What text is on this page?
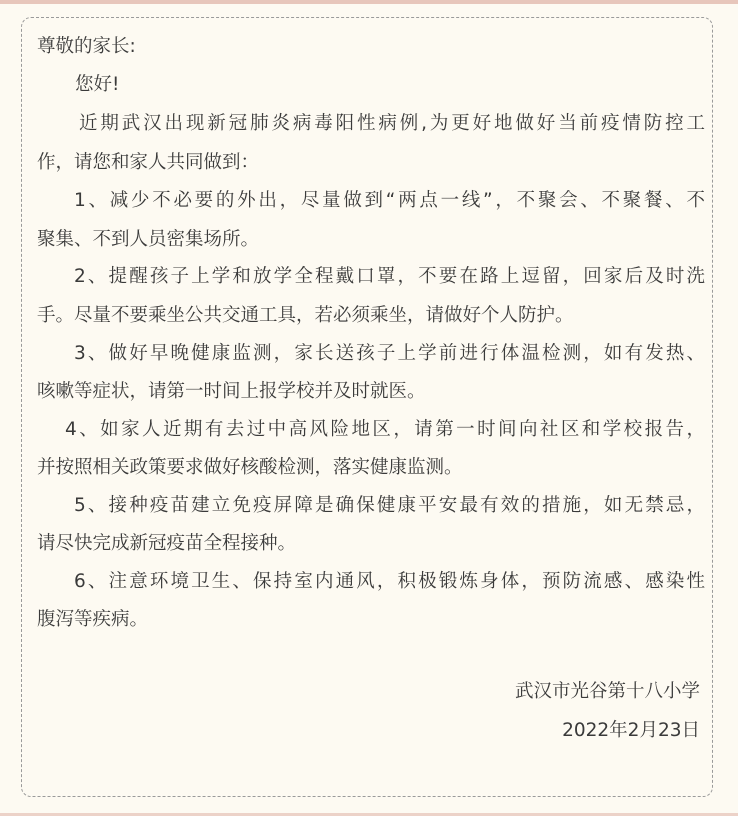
尊敬的家长:
您好!
近期武汉出现新冠肺炎病毒阳性病例,为更好地做好当前疫情防控工
作，请您和家人共同做到：
1、减少不必要的外出，尽量做到“两点一线”，不聚会、不聚餐、不
聚集、不到人员密集场所。
2、提醒孩子上学和放学全程戴口罩，不要在路上逗留，回家后及时洗
手。尽量不要乘坐公共交通工具，若必须乘坐，请做好个人防护。
3、做好早晚健康监测，家长送孩子上学前进行体温检测，如有发热、
咳嗽等症状，请第一时间上报学校并及时就医。
4、如家人近期有去过中高风险地区，请第一时间向社区和学校报告，
并按照相关政策要求做好核酸检测，落实健康监测。
5、接种疫苗建立免疫屏障是确保健康平安最有效的措施，如无禁忌，
请尽快完成新冠疫苗全程接种。
6、注意环境卫生、保持室内通风，积极锻炼身体，预防流感、感染性
腹泻等疾病。
武汉市光谷第十八小学
2022年2月23日
